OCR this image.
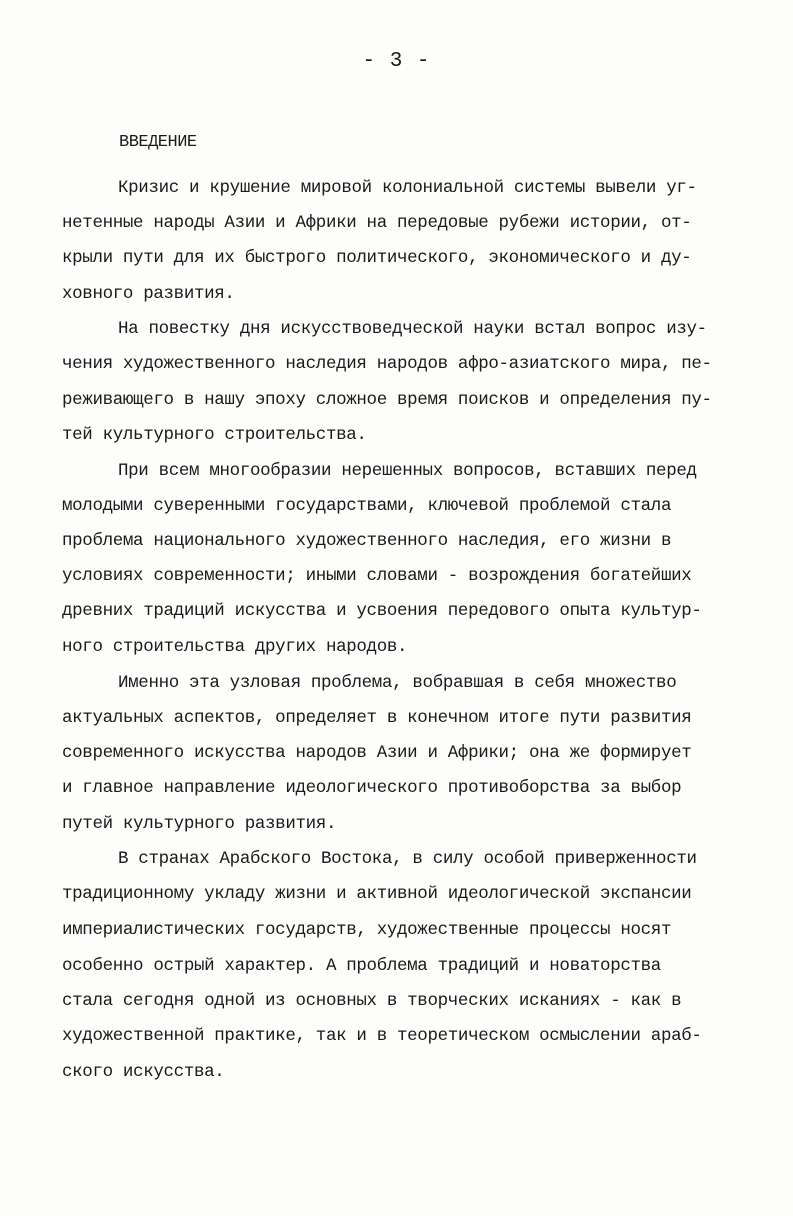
- 3 -
ВВЕДЕНИЕ
Кризис и крушение мировой колониальной системы вывели уг-
нетенные народы Азии и Африки на передовые рубежи истории, от-
крыли пути для их быстрого политического, экономического и ду-
ховного развития.
На повестку дня искусствоведческой науки встал вопрос изу-
чения художественного наследия народов афро-азиатского мира, пе-
реживающего в нашу эпоху сложное время поисков и определения пу-
тей культурного строительства.
При всем многообразии нерешенных вопросов, вставших перед
молодыми суверенными государствами, ключевой проблемой стала
проблема национального художественного наследия, его жизни в
условиях современности; иными словами - возрождения богатейших
древних традиций искусства и усвоения передового опыта культур-
ного строительства других народов.
Именно эта узловая проблема, вобравшая в себя множество
актуальных аспектов, определяет в конечном итоге пути развития
современного искусства народов Азии и Африки; она же формирует
и главное направление идеологического противоборства за выбор
путей культурного развития.
В странах Арабского Востока, в силу особой приверженности
традиционному укладу жизни и активной идеологической экспансии
империалистических государств, художественные процессы носят
особенно острый характер. А проблема традиций и новаторства
стала сегодня одной из основных в творческих исканиях - как в
художественной практике, так и в теоретическом осмыслении араб-
ского искусства.
